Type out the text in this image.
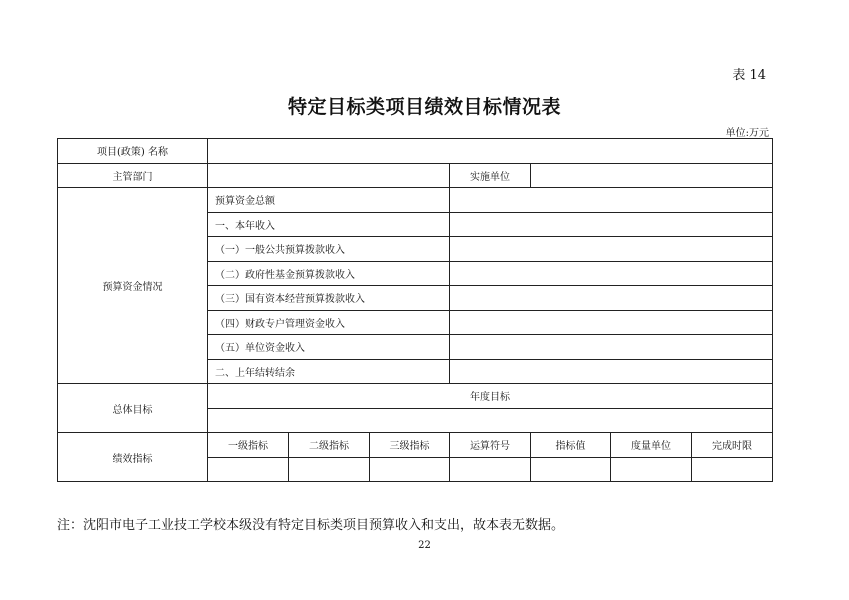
表 14
特定目标类项目绩效目标情况表
单位:万元
项目(政策) 名称							
主管部门				实施单位			
预算资金情况	预算资金总额						
	一、本年收入						
	（一）一般公共预算拨款收入						
	（二）政府性基金预算拨款收入						
	（三）国有资本经营预算拨款收入						
	（四）财政专户管理资金收入						
	（五）单位资金收入						
	二、上年结转结余						
总体目标	年度目标						

绩效指标	一级指标	二级指标	三级指标	运算符号	指标值	度量单位	完成时限

注：沈阳市电子工业技工学校本级没有特定目标类项目预算收入和支出，故本表无数据。
22
